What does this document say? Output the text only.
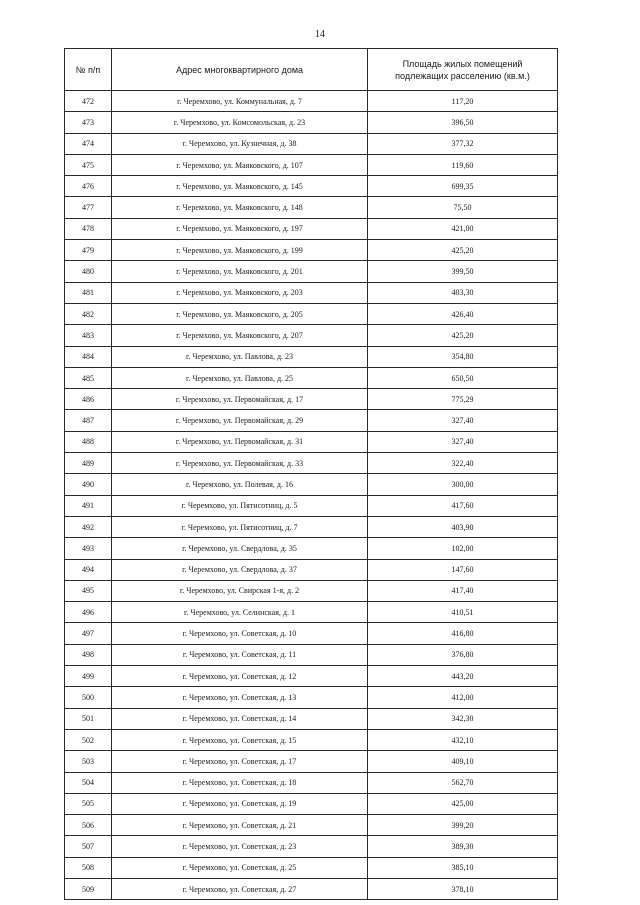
14
№ п/п	Адрес многоквартирного дома	Площадь жилых помещений подлежащих расселению (кв.м.)
472	г. Черемхово, ул. Коммунальная, д. 7	117,20
473	г. Черемхово, ул. Комсомольская, д. 23	396,50
474	г. Черемхово, ул. Кузнечная, д. 38	377,32
475	г. Черемхово, ул. Маяковского, д. 107	119,60
476	г. Черемхово, ул. Маяковского, д. 145	699,35
477	г. Черемхово, ул. Маяковского, д. 148	75,50
478	г. Черемхово, ул. Маяковского, д. 197	421,00
479	г. Черемхово, ул. Маяковского, д. 199	425,20
480	г. Черемхово, ул. Маяковского, д. 201	399,50
481	г. Черемхово, ул. Маяковского, д. 203	403,30
482	г. Черемхово, ул. Маяковского, д. 205	426,40
483	г. Черемхово, ул. Маяковского, д. 207	425,20
484	г. Черемхово, ул. Павлова, д. 23	354,80
485	г. Черемхово, ул. Павлова, д. 25	650,50
486	г. Черемхово, ул. Первомайская, д. 17	775,29
487	г. Черемхово, ул. Первомайская, д. 29	327,40
488	г. Черемхово, ул. Первомайская, д. 31	327,40
489	г. Черемхово, ул. Первомайская, д. 33	322,40
490	г. Черемхово, ул. Полевая, д. 16	300,00
491	г. Черемхово, ул. Пятисотниц, д. 5	417,60
492	г. Черемхово, ул. Пятисотниц, д. 7	403,90
493	г. Черемхово, ул. Свердлова, д. 35	102,00
494	г. Черемхово, ул. Свердлова, д. 37	147,60
495	г. Черемхово, ул. Свирская 1-я, д. 2	417,40
496	г. Черемхово, ул. Селинская, д. 1	410,51
497	г. Черемхово, ул. Советская, д. 10	416,80
498	г. Черемхово, ул. Советская, д. 11	376,80
499	г. Черемхово, ул. Советская, д. 12	443,20
500	г. Черемхово, ул. Советская, д. 13	412,00
501	г. Черемхово, ул. Советская, д. 14	342,30
502	г. Черемхово, ул. Советская, д. 15	432,10
503	г. Черемхово, ул. Советская, д. 17	409,10
504	г. Черемхово, ул. Советская, д. 18	562,70
505	г. Черемхово, ул. Советская, д. 19	425,00
506	г. Черемхово, ул. Советская, д. 21	399,20
507	г. Черемхово, ул. Советская, д. 23	389,30
508	г. Черемхово, ул. Советская, д. 25	385,10
509	г. Черемхово, ул. Советская, д. 27	378,10
